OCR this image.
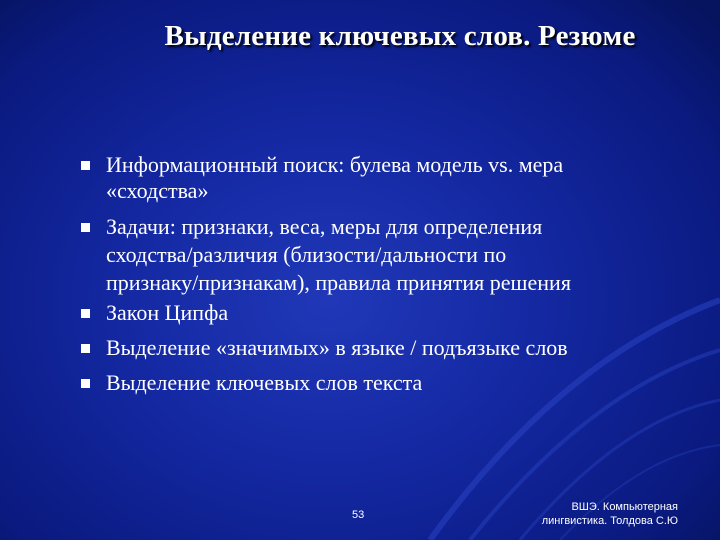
Выделение ключевых слов. Резюме
Информационный поиск: булева модель vs. мера
«сходства»
Задачи: признаки, веса, меры для определения
сходства/различия (близости/дальности по
признаку/признакам), правила принятия решения
Закон Ципфа
Выделение «значимых» в языке / подъязыке слов
Выделение ключевых слов текста
53
ВШЭ. Компьютерная
лингвистика. Толдова С.Ю
